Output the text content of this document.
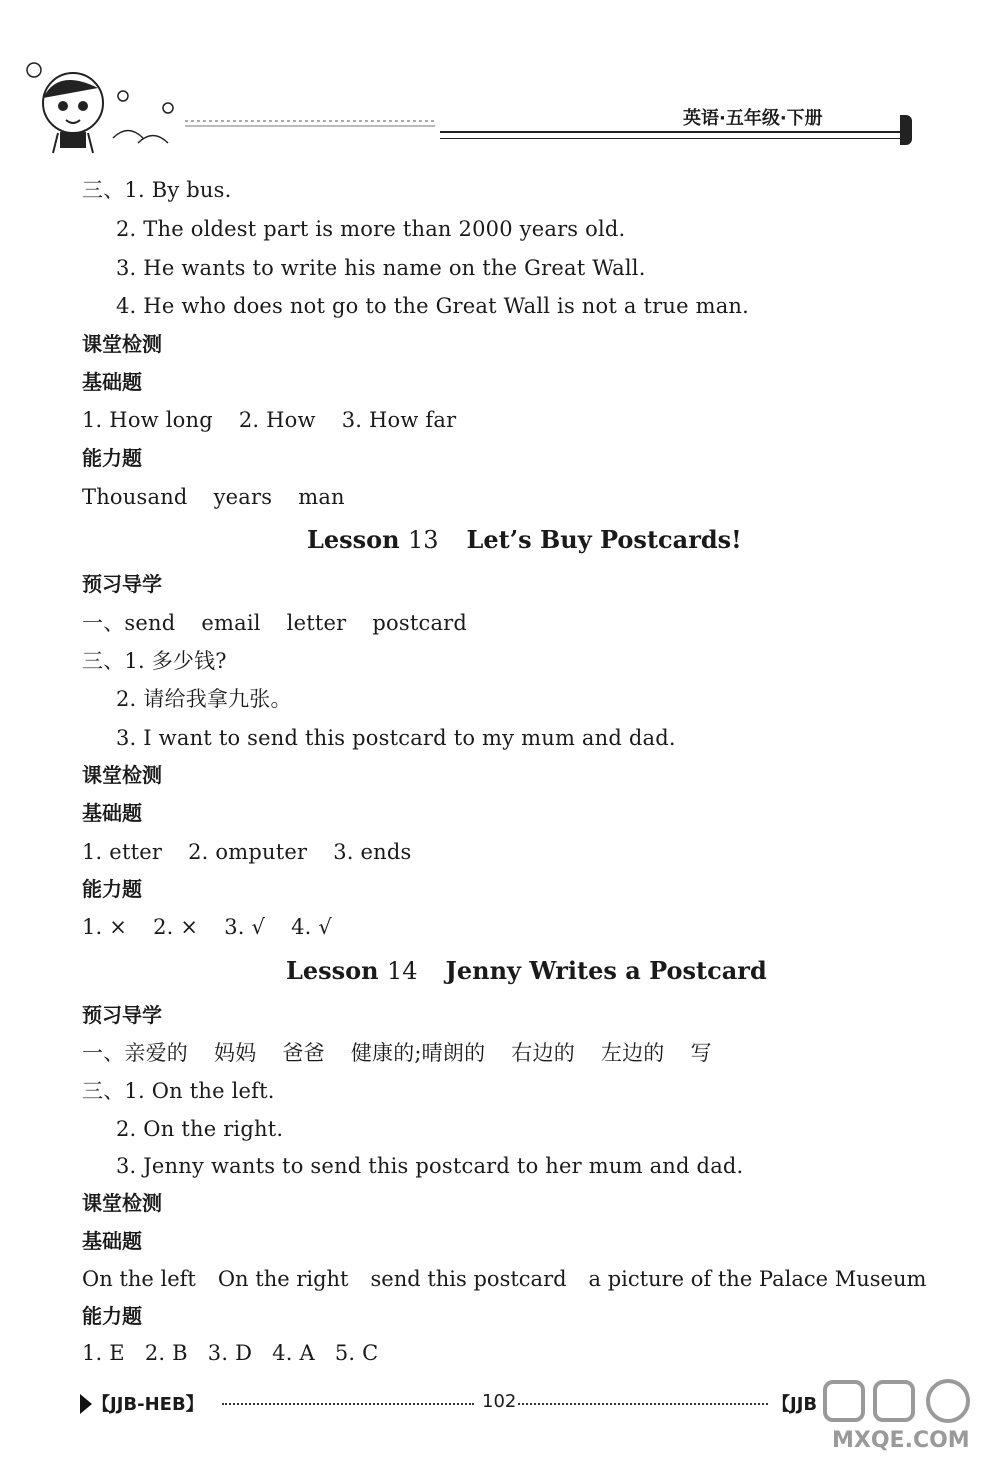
英语·五年级·下册
三、1. By bus.
2. The oldest part is more than 2000 years old.
3. He wants to write his name on the Great Wall.
4. He who does not go to the Great Wall is not a true man.
课堂检测
基础题
1. How long 2. How 3. How far
能力题
Thousand years man
Lesson 13 Let’s Buy Postcards!
预习导学
一、send email letter postcard
三、1. 多少钱?
2. 请给我拿九张。
3. I want to send this postcard to my mum and dad.
课堂检测
基础题
1. etter 2. omputer 3. ends
能力题
1. × 2. × 3. √ 4. √
Lesson 14 Jenny Writes a Postcard
预习导学
一、亲爱的 妈妈 爸爸 健康的;晴朗的 右边的 左边的 写
三、1. On the left.
2. On the right.
3. Jenny wants to send this postcard to her mum and dad.
课堂检测
基础题
On the left On the right send this postcard a picture of the Palace Museum
能力题
1. E 2. B 3. D 4. A 5. C
【JJB-HEB】	102	【JJB
MXQE.COM
